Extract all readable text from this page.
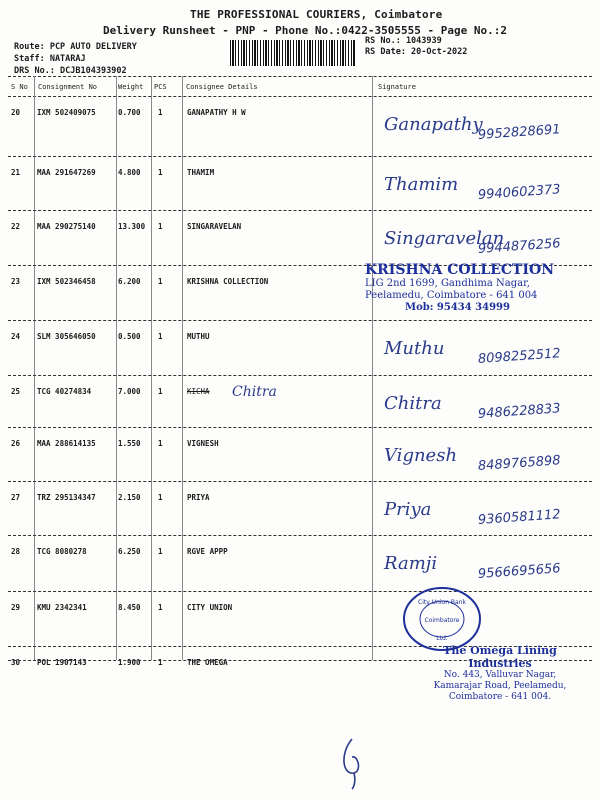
THE PROFESSIONAL COURIERS, Coimbatore
Delivery Runsheet - PNP - Phone No.:0422-3505555 - Page No.:2
Route: PCP AUTO DELIVERY
Staff: NATARAJ
DRS No.: DCJB104393902
RS No.: 1043939
RS Date: 20-Oct-2022
S No Consignment No	Weight PCS	Consignee Details	Signature
20 IXM 502409075	0.700 1	GANAPATHY H W
Ganapathy
9952828691
21 MAA 291647269	4.800 1	THAMIM
Thamim 9940602373
22 MAA 290275140	13.300 1	SINGARAVELAN
Singaravelan
9944876256
23 IXM 502346458	6.200 1	KRISHNA COLLECTION
24 SLM 305646050	0.500 1	MUTHU
Muthu	8098252512
25 TCG 40274834	7.000 1	KICHA
Chitra	9486228833
26 MAA 288614135	1.550 1	VIGNESH
Vignesh 8489765898
27 TRZ 295134347	2.150 1	PRIYA
Priya	9360581112
28 TCG 8080278	6.250 1	RGVE APPP
Ramji	9566695656
29 KMU 2342341	8.450 1	CITY UNION
30 POL 1907143	1.900 1	THE OMEGA
Chitra
KRISHNA COLLECTION
LIG 2nd 1699, Gandhima Nagar,
Peelamedu, Coimbatore - 641 004
Mob: 95434 34999
City Union Bank
Coimbatore
Ltd.
The Omega Lining Industries
No. 443, Valluvar Nagar,
Kamarajar Road, Peelamedu,
Coimbatore - 641 004.
